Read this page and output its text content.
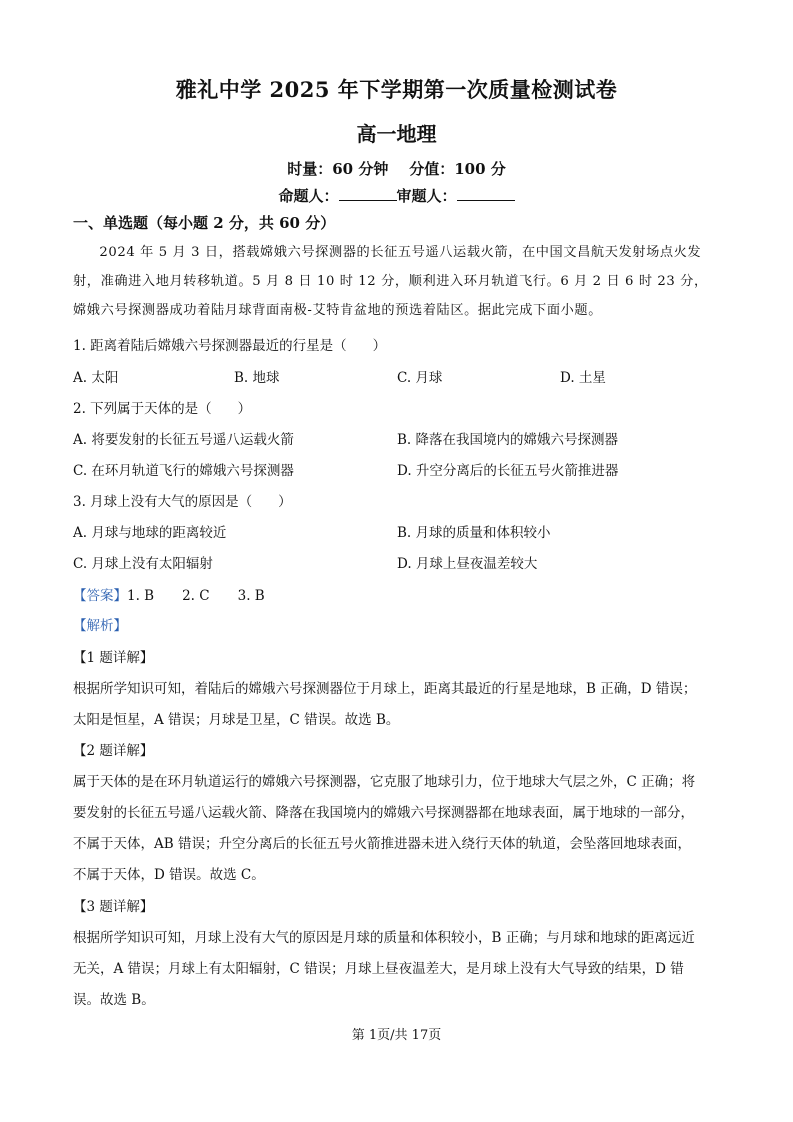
雅礼中学 2025 年下学期第一次质量检测试卷
高一地理
时量：60 分钟    分值：100 分
命题人：	审题人：
一、单选题（每小题 2 分，共 60 分）
2024 年 5 月 3 日，搭载嫦娥六号探测器的长征五号遥八运载火箭，在中国文昌航天发射场点火发射，准确进入地月转移轨道。5 月 8 日 10 时 12 分，顺利进入环月轨道飞行。6 月 2 日 6 时 23 分，嫦娥六号探测器成功着陆月球背面南极-艾特肯盆地的预选着陆区。据此完成下面小题。
1. 距离着陆后嫦娥六号探测器最近的行星是（ ）
A. 太阳	B. 地球	C. 月球	D. 土星
2. 下列属于天体的是（ ）
A. 将要发射的长征五号遥八运载火箭	B. 降落在我国境内的嫦娥六号探测器
C. 在环月轨道飞行的嫦娥六号探测器	D. 升空分离后的长征五号火箭推进器
3. 月球上没有大气的原因是（ ）
A. 月球与地球的距离较近	B. 月球的质量和体积较小
C. 月球上没有太阳辐射	D. 月球上昼夜温差较大
【答案】1. B 2. C 3. B
【解析】
【1 题详解】
根据所学知识可知，着陆后的嫦娥六号探测器位于月球上，距离其最近的行星是地球，B 正确，D 错误；
太阳是恒星，A 错误；月球是卫星，C 错误。故选 B。
【2 题详解】
属于天体的是在环月轨道运行的嫦娥六号探测器，它克服了地球引力，位于地球大气层之外，C 正确；将
要发射的长征五号遥八运载火箭、降落在我国境内的嫦娥六号探测器都在地球表面，属于地球的一部分，
不属于天体，AB 错误；升空分离后的长征五号火箭推进器未进入绕行天体的轨道，会坠落回地球表面，
不属于天体，D 错误。故选 C。
【3 题详解】
根据所学知识可知，月球上没有大气的原因是月球的质量和体积较小，B 正确；与月球和地球的距离远近
无关，A 错误；月球上有太阳辐射，C 错误；月球上昼夜温差大，是月球上没有大气导致的结果，D 错
误。故选 B。
第 1页/共 17页
